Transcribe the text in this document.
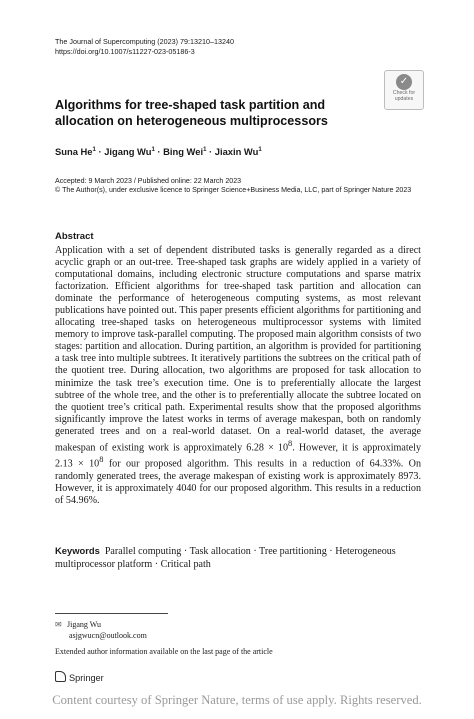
The Journal of Supercomputing (2023) 79:13210–13240
https://doi.org/10.1007/s11227-023-05186-3
✓
Check for
updates
Algorithms for tree-shaped task partition and allocation on heterogeneous multiprocessors
Suna $He^1$ · Jigang $Wu^1$ · Bing Wei$^1$ · Jiaxin Wu$^1$
Accepted: 9 March 2023 / Published online: 22 March 2023
© The Author(s), under exclusive licence to Springer Science+Business Media, LLC, part of Springer Nature 2023
Abstract

Application with a set of dependent distributed tasks is generally regarded as a direct acyclic graph or an out-tree. Tree-shaped task graphs are widely applied in a variety of computational domains, including electronic structure computations and sparse matrix factorization. Efficient algorithms for tree-shaped task partition and allocation can dominate the performance of heterogeneous computing systems, as most relevant publications have pointed out. This paper presents efficient algorithms for partitioning and allocating tree-shaped tasks on heterogeneous multiprocessor systems with limited memory to improve task-parallel computing. The proposed main algorithm consists of two stages: partition and allocation. During partition, an algorithm is provided for partitioning a task tree into multiple subtrees. It iteratively partitions the subtrees on the critical path of the quotient tree. During allocation, two algorithms are proposed for task allocation to minimize the task tree’s execution time. One is to preferentially allocate the largest subtree of the whole tree, and the other is to preferentially allocate the subtree located on the quotient tree’s critical path. Experimental results show that the proposed algorithms significantly improve the latest works in terms of average makespan, both on randomly generated trees and on a real-world dataset. On a real-world dataset, the average makespan of existing work is approximately $6.28 \times 10^8$. However, it is approximately $2.13 \times 10^8$ for our proposed algorithm. This results in a reduction of 64.33%. On randomly generated trees, the average makespan of existing work is approximately 8973. However, it is approximately 4040 for our proposed algorithm. This results in a reduction of 54.96%.

Keywords Parallel computing · Task allocation · Tree partitioning · Heterogeneous multiprocessor platform · Critical path
✉ Jigang Wu
asjgwucn@outlook.com
Extended author information available on the last page of the article
Springer
Content courtesy of Springer Nature, terms of use apply. Rights reserved.
